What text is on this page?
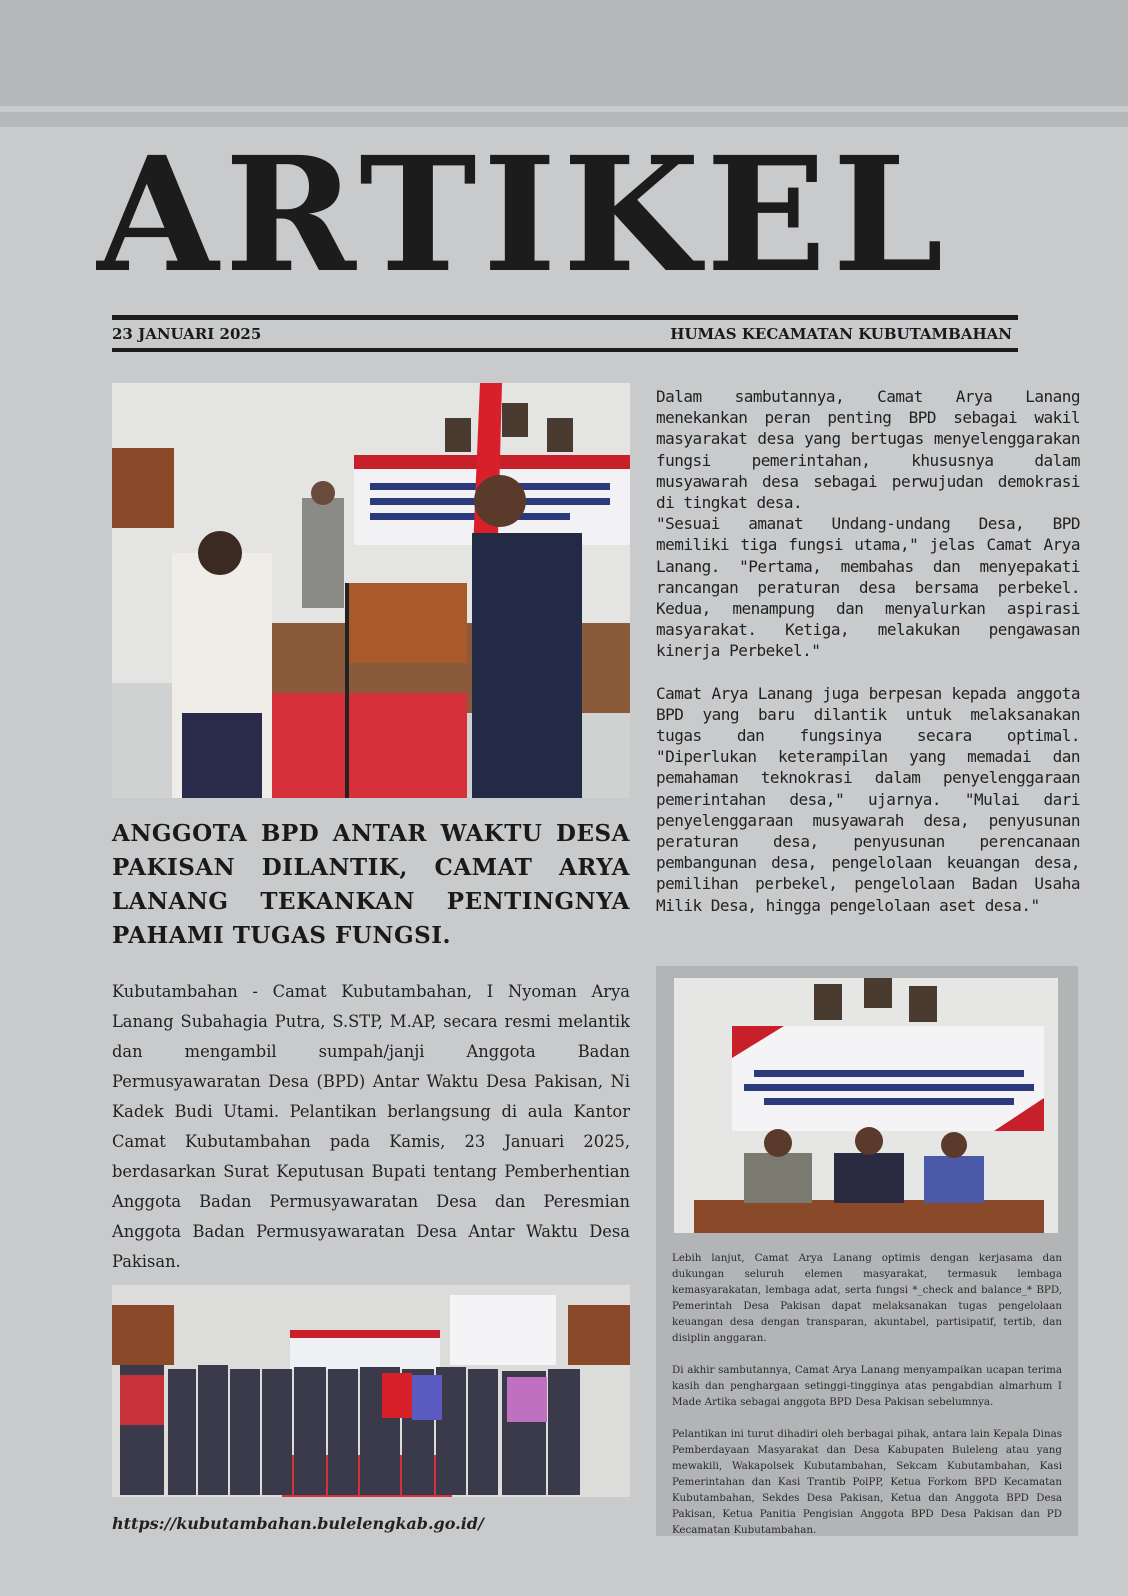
ARTIKEL
23 JANUARI 2025	HUMAS KECAMATAN KUBUTAMBAHAN
ANGGOTA BPD ANTAR WAKTU DESA PAKISAN DILANTIK, CAMAT ARYA LANANG TEKANKAN PENTINGNYA PAHAMI TUGAS FUNGSI.
Kubutambahan - Camat Kubutambahan, I Nyoman Arya Lanang Subahagia Putra, S.STP, M.AP, secara resmi melantik dan mengambil sumpah/janji Anggota Badan Permusyawaratan Desa (BPD) Antar Waktu Desa Pakisan, Ni Kadek Budi Utami. Pelantikan berlangsung di aula Kantor Camat Kubutambahan pada Kamis, 23 Januari 2025, berdasarkan Surat Keputusan Bupati tentang Pemberhentian Anggota Badan Permusyawaratan Desa dan Peresmian Anggota Badan Permusyawaratan Desa Antar Waktu Desa Pakisan.
https://kubutambahan.bulelengkab.go.id/

Dalam sambutannya, Camat Arya Lanang menekankan peran penting BPD sebagai wakil masyarakat desa yang bertugas menyelenggarakan fungsi pemerintahan, khususnya dalam musyawarah desa sebagai perwujudan demokrasi di tingkat desa.

"Sesuai amanat Undang-undang Desa, BPD memiliki tiga fungsi utama," jelas Camat Arya Lanang. "Pertama, membahas dan menyepakati rancangan peraturan desa bersama perbekel. Kedua, menampung dan menyalurkan aspirasi masyarakat. Ketiga, melakukan pengawasan kinerja Perbekel."

Camat Arya Lanang juga berpesan kepada anggota BPD yang baru dilantik untuk melaksanakan tugas dan fungsinya secara optimal. "Diperlukan keterampilan yang memadai dan pemahaman teknokrasi dalam penyelenggaraan pemerintahan desa," ujarnya. "Mulai dari penyelenggaraan musyawarah desa, penyusunan peraturan desa, penyusunan perencanaan pembangunan desa, pengelolaan keuangan desa, pemilihan perbekel, pengelolaan Badan Usaha Milik Desa, hingga pengelolaan aset desa."

Lebih lanjut, Camat Arya Lanang optimis dengan kerjasama dan dukungan seluruh elemen masyarakat, termasuk lembaga kemasyarakatan, lembaga adat, serta fungsi *_check and balance_* BPD, Pemerintah Desa Pakisan dapat melaksanakan tugas pengelolaan keuangan desa dengan transparan, akuntabel, partisipatif, tertib, dan disiplin anggaran.

Di akhir sambutannya, Camat Arya Lanang menyampaikan ucapan terima kasih dan penghargaan setinggi-tingginya atas pengabdian almarhum I Made Artika sebagai anggota BPD Desa Pakisan sebelumnya.

Pelantikan ini turut dihadiri oleh berbagai pihak, antara lain Kepala Dinas Pemberdayaan Masyarakat dan Desa Kabupaten Buleleng atau yang mewakili, Wakapolsek Kubutambahan, Sekcam Kubutambahan, Kasi Pemerintahan dan Kasi Trantib PolPP, Ketua Forkom BPD Kecamatan Kubutambahan, Sekdes Desa Pakisan, Ketua dan Anggota BPD Desa Pakisan, Ketua Panitia Pengisian Anggota BPD Desa Pakisan dan PD Kecamatan Kubutambahan.
